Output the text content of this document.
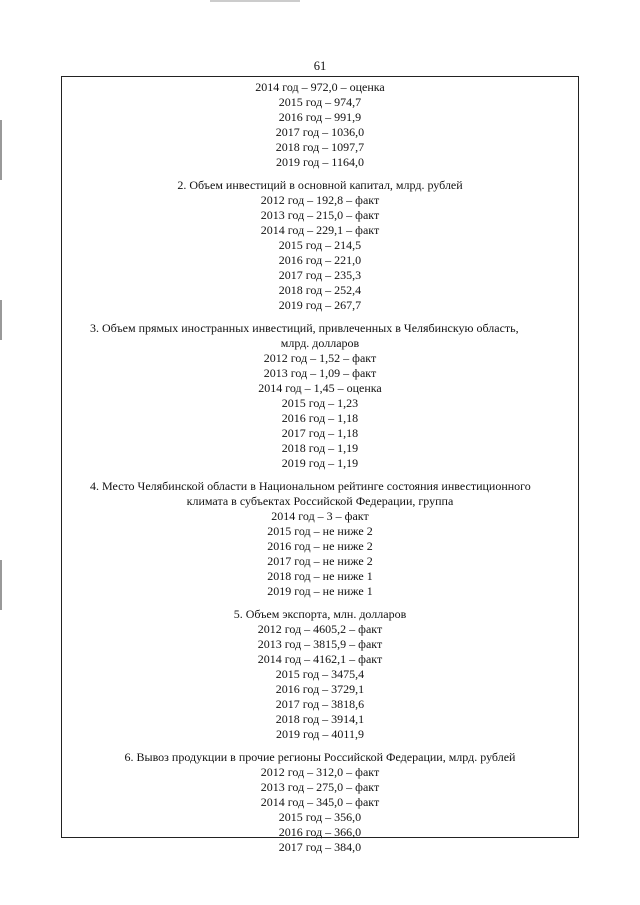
61
2014 год – 972,0 – оценка
2015 год – 974,7
2016 год – 991,9
2017 год – 1036,0
2018 год – 1097,7
2019 год – 1164,0
2. Объем инвестиций в основной капитал, млрд. рублей
2012 год – 192,8 – факт
2013 год – 215,0 – факт
2014 год – 229,1 – факт
2015 год – 214,5
2016 год – 221,0
2017 год – 235,3
2018 год – 252,4
2019 год – 267,7
3. Объем прямых иностранных инвестиций, привлеченных в Челябинскую область,
млрд. долларов
2012 год – 1,52 – факт
2013 год – 1,09 – факт
2014 год – 1,45 – оценка
2015 год – 1,23
2016 год – 1,18
2017 год – 1,18
2018 год – 1,19
2019 год – 1,19
4. Место Челябинской области в Национальном рейтинге состояния инвестиционного
климата в субъектах Российской Федерации, группа
2014 год – 3 – факт
2015 год – не ниже 2
2016 год – не ниже 2
2017 год – не ниже 2
2018 год – не ниже 1
2019 год – не ниже 1
5. Объем экспорта, млн. долларов
2012 год – 4605,2 – факт
2013 год – 3815,9 – факт
2014 год – 4162,1 – факт
2015 год – 3475,4
2016 год – 3729,1
2017 год – 3818,6
2018 год – 3914,1
2019 год – 4011,9
6. Вывоз продукции в прочие регионы Российской Федерации, млрд. рублей
2012 год – 312,0 – факт
2013 год – 275,0 – факт
2014 год – 345,0 – факт
2015 год – 356,0
2016 год – 366,0
2017 год – 384,0
